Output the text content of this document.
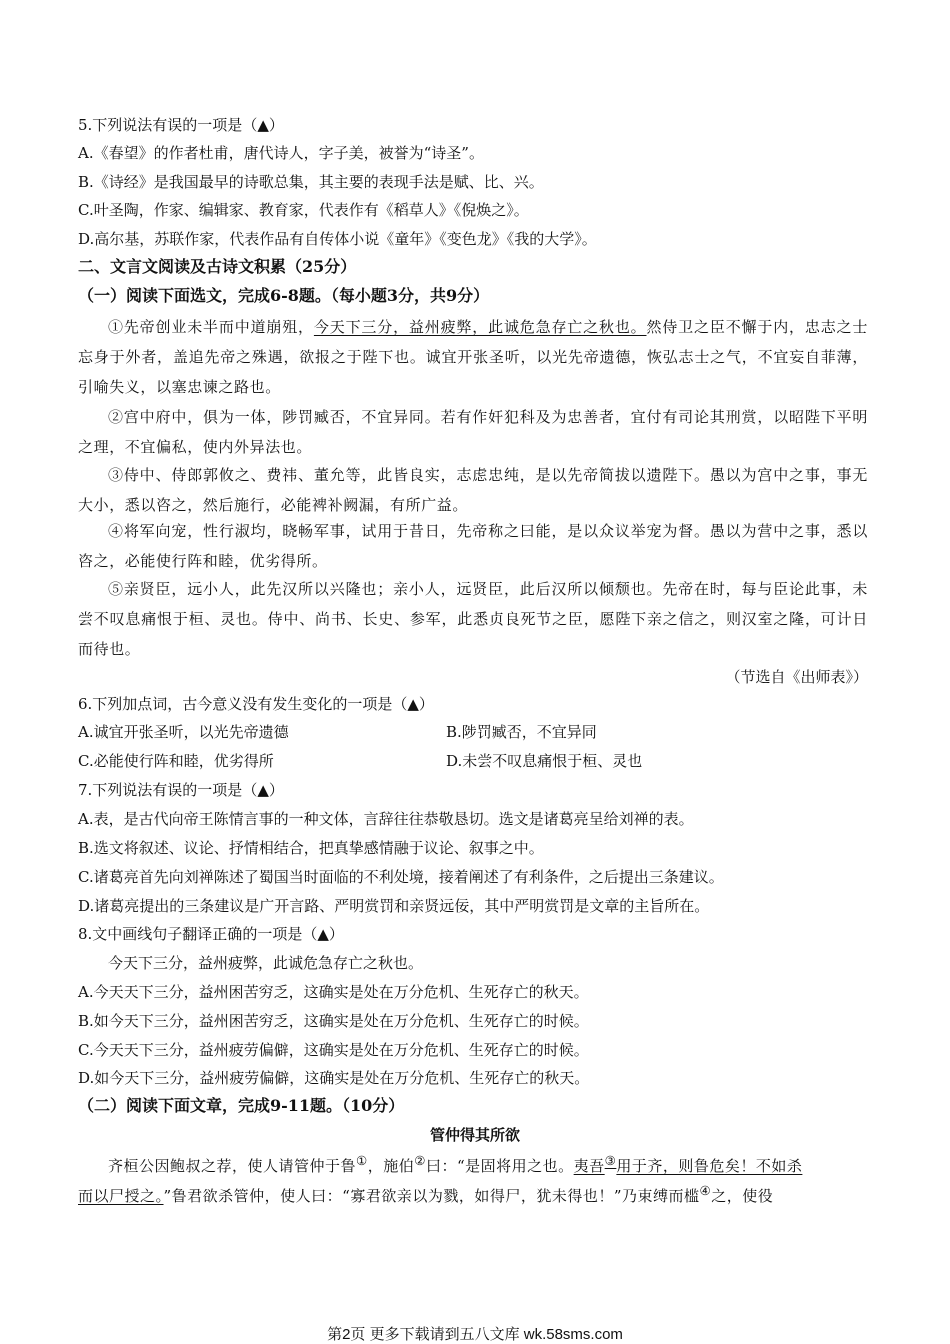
5.下列说法有误的一项是（▲）
A.《春望》的作者杜甫，唐代诗人，字子美，被誉为“诗圣”。
B.《诗经》是我国最早的诗歌总集，其主要的表现手法是赋、比、兴。
C.叶圣陶，作家、编辑家、教育家，代表作有《稻草人》《倪焕之》。
D.高尔基，苏联作家，代表作品有自传体小说《童年》《变色龙》《我的大学》。
二、文言文阅读及古诗文积累（25分）
（一）阅读下面选文，完成6-8题。（每小题3分，共9分）
①先帝创业未半而中道崩殂，今天下三分，益州疲弊，此诚危急存亡之秋也。然侍卫之臣不懈于内，忠志之士忘身于外者，盖追先帝之殊遇，欲报之于陛下也。诚宜开张圣听，以光先帝遗德，恢弘志士之气，不宜妄自菲薄，引喻失义，以塞忠谏之路也。
②宫中府中，俱为一体，陟罚臧否，不宜异同。若有作奸犯科及为忠善者，宜付有司论其刑赏，以昭陛下平明之理，不宜偏私，使内外异法也。
③侍中、侍郎郭攸之、费祎、董允等，此皆良实，志虑忠纯，是以先帝简拔以遗陛下。愚以为宫中之事，事无大小，悉以咨之，然后施行，必能裨补阙漏，有所广益。
④将军向宠，性行淑均，晓畅军事，试用于昔日，先帝称之曰能，是以众议举宠为督。愚以为营中之事，悉以咨之，必能使行阵和睦，优劣得所。
⑤亲贤臣，远小人，此先汉所以兴隆也；亲小人，远贤臣，此后汉所以倾颓也。先帝在时，每与臣论此事，未尝不叹息痛恨于桓、灵也。侍中、尚书、长史、参军，此悉贞良死节之臣，愿陛下亲之信之，则汉室之隆，可计日而待也。
（节选自《出师表》）
6.下列加点词，古今意义没有发生变化的一项是（▲）
A.诚宜开张圣听，以光先帝遗德	B.陟罚臧否，不宜异同
C.必能使行阵和睦，优劣得所	D.未尝不叹息痛恨于桓、灵也
7.下列说法有误的一项是（▲）
A.表，是古代向帝王陈情言事的一种文体，言辞往往恭敬恳切。选文是诸葛亮呈给刘禅的表。
B.选文将叙述、议论、抒情相结合，把真挚感情融于议论、叙事之中。
C.诸葛亮首先向刘禅陈述了蜀国当时面临的不利处境，接着阐述了有利条件，之后提出三条建议。
D.诸葛亮提出的三条建议是广开言路、严明赏罚和亲贤远佞，其中严明赏罚是文章的主旨所在。
8.文中画线句子翻译正确的一项是（▲）
今天下三分，益州疲弊，此诚危急存亡之秋也。
A.今天天下三分，益州困苦穷乏，这确实是处在万分危机、生死存亡的秋天。
B.如今天下三分，益州困苦穷乏，这确实是处在万分危机、生死存亡的时候。
C.今天天下三分，益州疲劳偏僻，这确实是处在万分危机、生死存亡的时候。
D.如今天下三分，益州疲劳偏僻，这确实是处在万分危机、生死存亡的秋天。
（二）阅读下面文章，完成9-11题。（10分）
管仲得其所欲
齐桓公因鲍叔之荐，使人请管仲于鲁①，施伯②曰：“是固将用之也。夷吾③用于齐，则鲁危矣！不如杀
而以尸授之。”鲁君欲杀管仲，使人曰：“寡君欲亲以为戮，如得尸，犹未得也！”乃束缚而槛④之，使役
第2页 更多下载请到五八文库 wk.58sms.com
